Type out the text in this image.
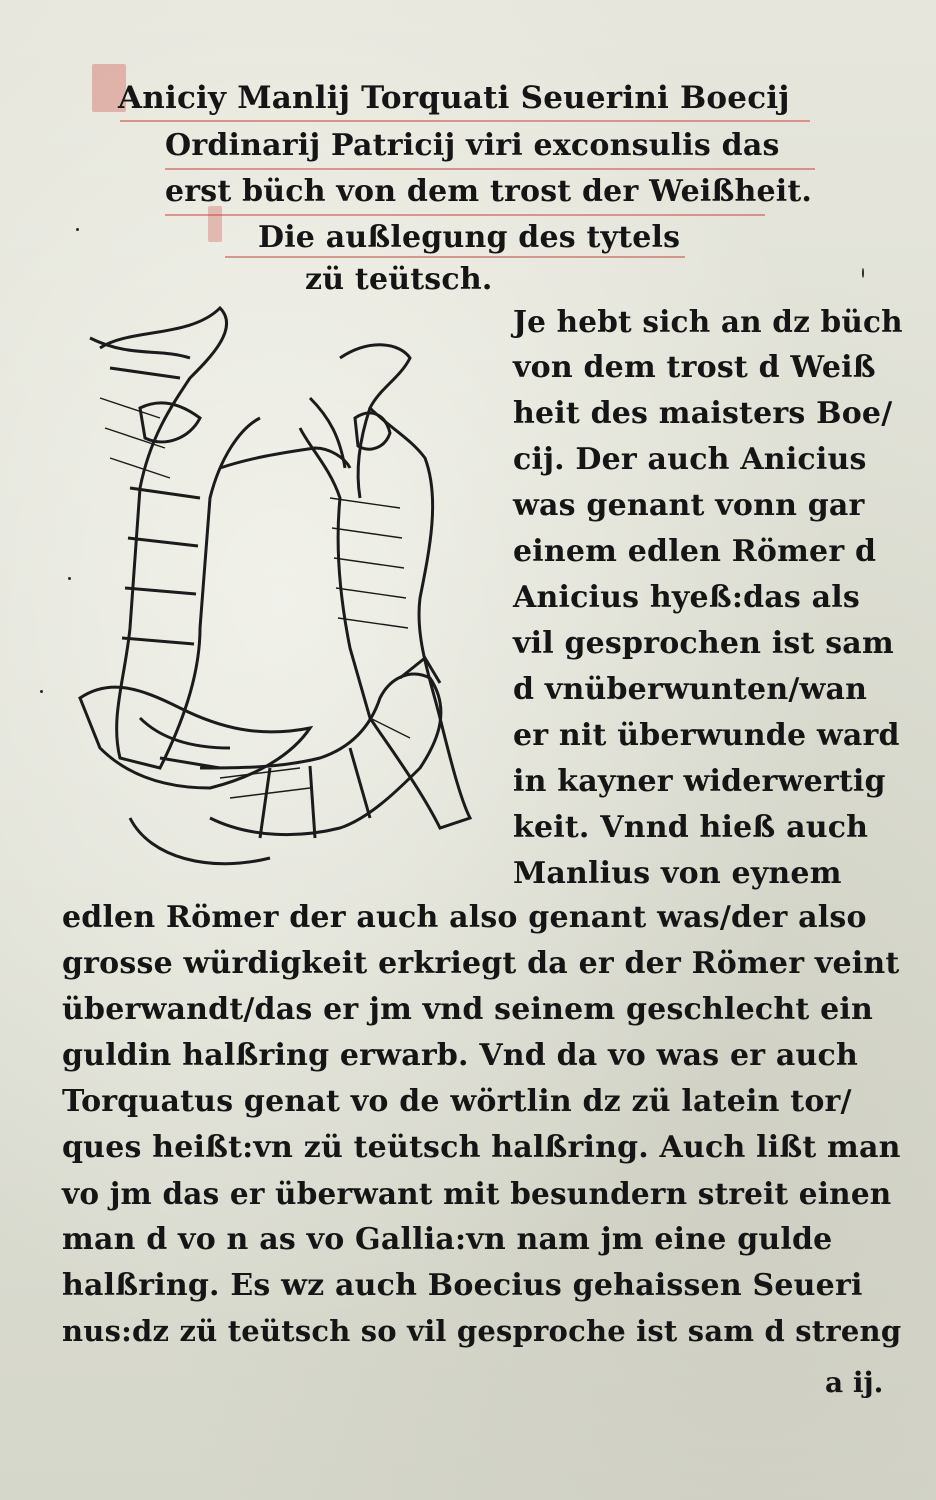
Aniciy Manlij Torquati Seuerini Boecij
Ordinarij Patricij viri exconsulis das
erst büch von dem trost der Weißheit.
Die außlegung des tytels
zü teütsch.
Je hebt sich an dz büch
von dem trost d Weiß
heit des maisters Boe/
cij. Der auch Anicius
was genant vonn gar
einem edlen Römer d
Anicius hyeß:das als
vil gesprochen ist sam
d vnüberwunten/wan
er nit überwunde ward
in kayner widerwertig
keit. Vnnd hieß auch
Manlius von eynem
edlen Römer der auch also genant was/der also
grosse würdigkeit erkriegt da er der Römer veint
überwandt/das er jm vnd seinem geschlecht ein
guldin halßring erwarb. Vnd da vo was er auch
Torquatus genat vo de wörtlin dz zü latein tor/
ques heißt:vn zü teütsch halßring. Auch lißt man
vo jm das er überwant mit besundern streit einen
man d vo n as vo Gallia:vn nam jm eine gulde
halßring. Es wz auch Boecius gehaissen Seueri
nus:dz zü teütsch so vil gesproche ist sam d streng
a ij.
